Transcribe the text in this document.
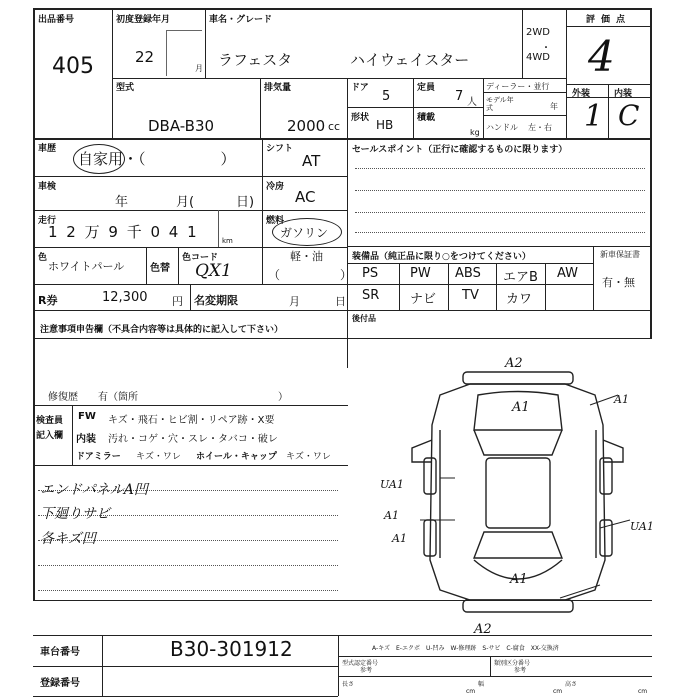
出品番号
405
初度登録年月
22
月
車名・グレード
ラフェスタ	ハイウェイスター
2WD
・
4WD
評価点
4
外装	内装
1 C
型式
DBA-B30
排気量
2000 cc
ドア
5
定員
7 人
形状 HB	積載
kg
ディーラー・並行
モデル年式	年
ハンドル 左・右
車歴
自家用・（　　　　　）
シフト
AT
セールスポイント（正行に確認するものに限ります）
車検
年	月(	日)
冷房
AC
走行
1 2 万 9 千 0 4 1	km
燃料
ガソリン
軽・油
色
ホワイトパール	色替
色コード
QX1	（　　　　　）
R券	12,300 円 名変期限	月	日
装備品（純正品に限り○をつけてください）	新車保証書
有・無
PS PW ABS エアB AW
SR ナビ TV カワ
後付品
注意事項申告欄（不具合内容等は具体的に記入して下さい）
修復歴　　有（箇所　　　　　　　　　　　　　　）
検査員
記入欄
FW キズ・飛石・ヒビ割・リペア跡・X要
内装 汚れ・コゲ・穴・スレ・タバコ・破レ
ドアミラー キズ・ワレ ホイール・キャップ キズ・ワレ
エンドパネルA凹
下廻りサビ
各キズ凹
A2
A1
A1
UA1
A1
A1
UA1
A1
A2
A-キズ　E-エクボ　U-凹み　W-修理跡　S-サビ　C-腐食　XX-交換済
車台番号	B30-301912
登録番号
型式認定番号
参考
類別区分番号
参考
長さ
cm
幅
cm
高さ
cm
